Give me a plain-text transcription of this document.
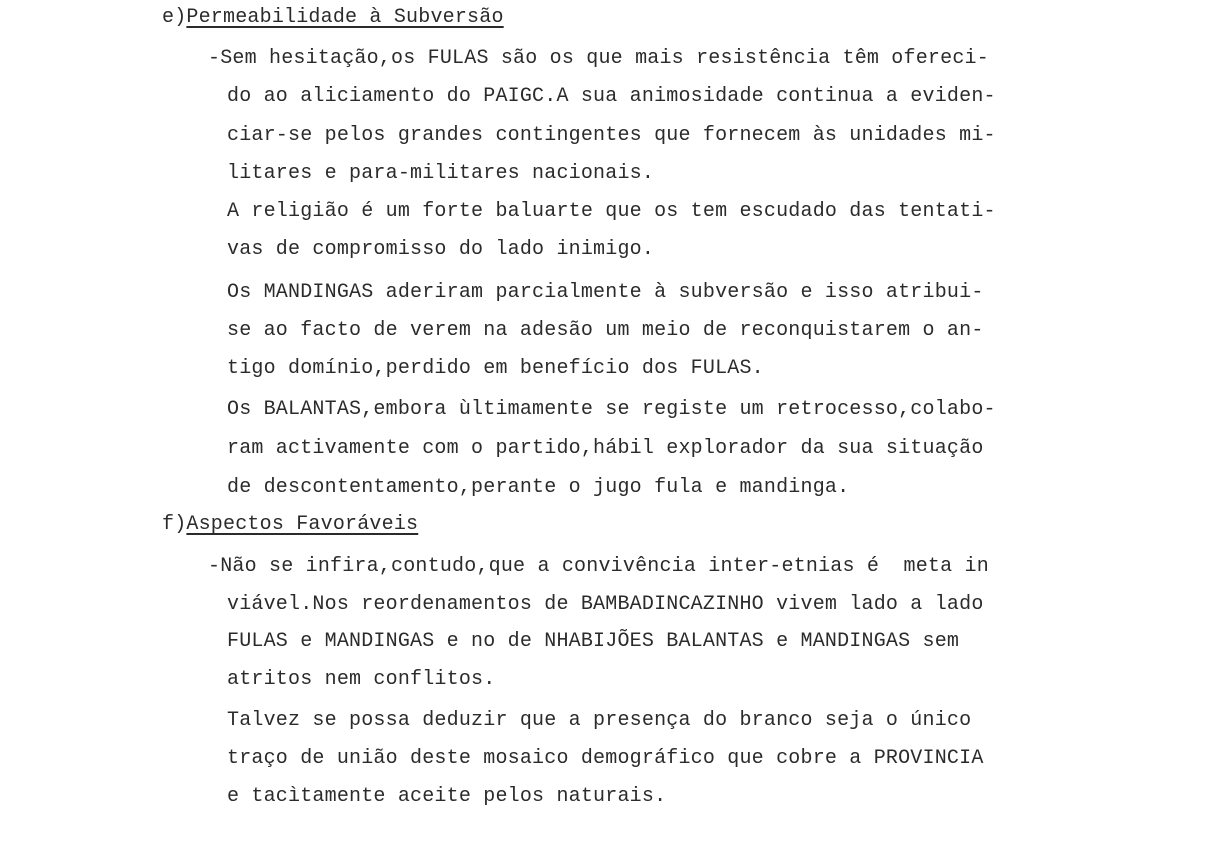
e)Permeabilidade à Subversão
-Sem hesitação,os FULAS são os que mais resistência têm ofereci-
do ao aliciamento do PAIGC.A sua animosidade continua a eviden-
ciar-se pelos grandes contingentes que fornecem às unidades mi-
litares e para-militares nacionais.
A religião é um forte baluarte que os tem escudado das tentati-
vas de compromisso do lado inimigo.
Os MANDINGAS aderiram parcialmente à subversão e isso atribui-
se ao facto de verem na adesão um meio de reconquistarem o an-
tigo domínio,perdido em benefício dos FULAS.
Os BALANTAS,embora ùltimamente se registe um retrocesso,colabo-
ram activamente com o partido,hábil explorador da sua situação
de descontentamento,perante o jugo fula e mandinga.
f)Aspectos Favoráveis
-Não se infira,contudo,que a convivência inter-etnias é  meta in
viável.Nos reordenamentos de BAMBADINCAZINHO vivem lado a lado
FULAS e MANDINGAS e no de NHABIJÕES BALANTAS e MANDINGAS sem
atritos nem conflitos.
Talvez se possa deduzir que a presença do branco seja o único
traço de união deste mosaico demográfico que cobre a PROVINCIA
e tacìtamente aceite pelos naturais.
